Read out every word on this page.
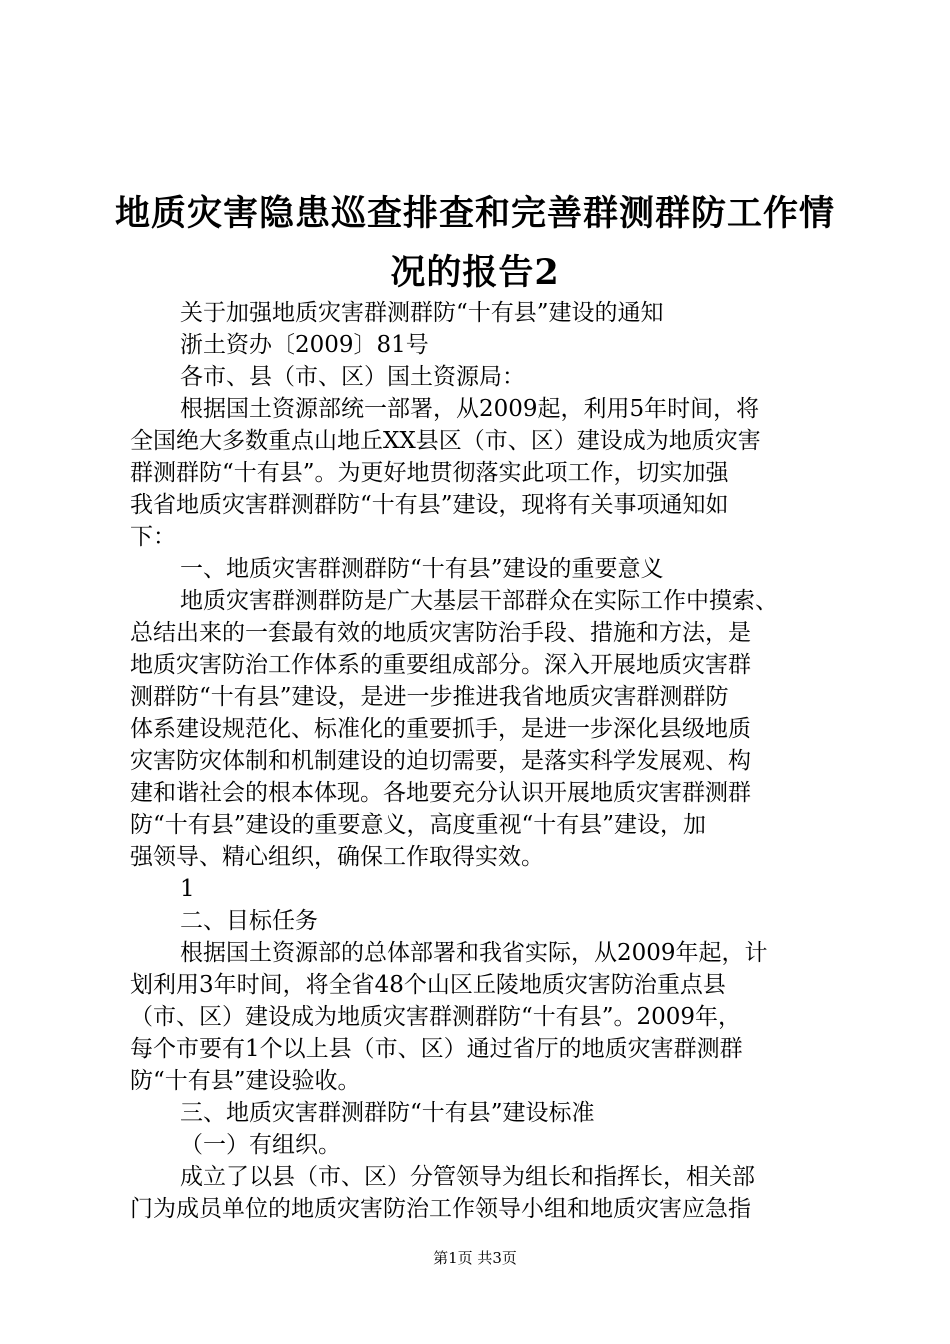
地质灾害隐患巡查排查和完善群测群防工作情
况的报告2
关于加强地质灾害群测群防“十有县”建设的通知
浙土资办〔2009〕81号
各市、县（市、区）国土资源局：
根据国土资源部统一部署，从2009起，利用5年时间，将
全国绝大多数重点山地丘XX县区（市、区）建设成为地质灾害
群测群防“十有县”。为更好地贯彻落实此项工作，切实加强
我省地质灾害群测群防“十有县”建设，现将有关事项通知如
下：
一、地质灾害群测群防“十有县”建设的重要意义
地质灾害群测群防是广大基层干部群众在实际工作中摸索、
总结出来的一套最有效的地质灾害防治手段、措施和方法，是
地质灾害防治工作体系的重要组成部分。深入开展地质灾害群
测群防“十有县”建设，是进一步推进我省地质灾害群测群防
体系建设规范化、标准化的重要抓手，是进一步深化县级地质
灾害防灾体制和机制建设的迫切需要，是落实科学发展观、构
建和谐社会的根本体现。各地要充分认识开展地质灾害群测群
防“十有县”建设的重要意义，高度重视“十有县”建设，加
强领导、精心组织，确保工作取得实效。
1
二、目标任务
根据国土资源部的总体部署和我省实际，从2009年起，计
划利用3年时间，将全省48个山区丘陵地质灾害防治重点县
（市、区）建设成为地质灾害群测群防“十有县”。2009年，
每个市要有1个以上县（市、区）通过省厅的地质灾害群测群
防“十有县”建设验收。
三、地质灾害群测群防“十有县”建设标准
（一）有组织。
成立了以县（市、区）分管领导为组长和指挥长，相关部
门为成员单位的地质灾害防治工作领导小组和地质灾害应急指
第1页 共3页
